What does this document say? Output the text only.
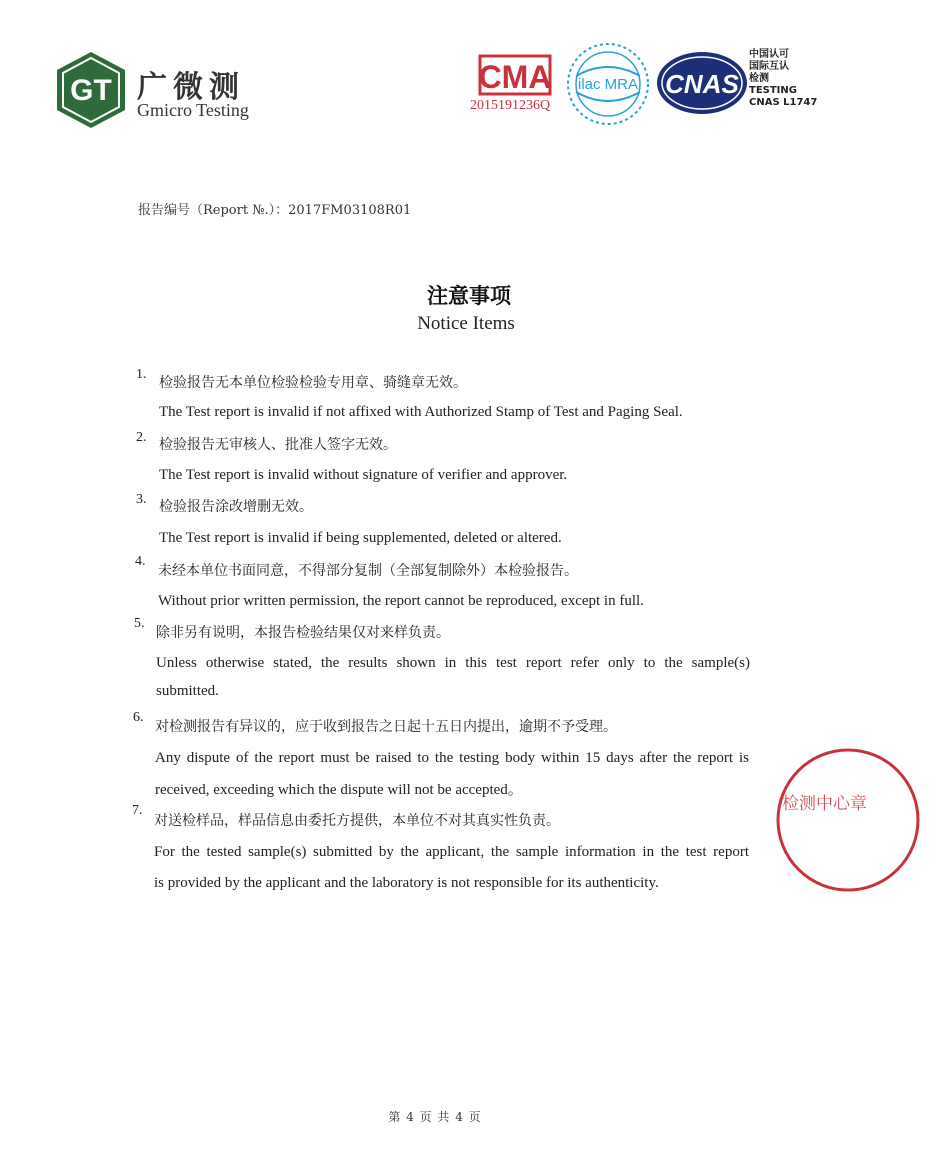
GT 广微测
Gmicro Testing
CMA
2015191236Q
ilac MRA CNAS
中国认可
国际互认
检测
TESTING
CNAS L1747
报告编号（Report №.）：2017FM03108R01
注意事项
Notice Items
1.
检验报告无本单位检验检验专用章、骑缝章无效。
The Test report is invalid if not affixed with Authorized Stamp of Test and Paging Seal.
2. 检验报告无审核人、批准人签字无效。
The Test report is invalid without signature of verifier and approver.
3. 检验报告涂改增删无效。
The Test report is invalid if being supplemented, deleted or altered.
4.
未经本单位书面同意，不得部分复制（全部复制除外）本检验报告。
Without prior written permission, the report cannot be reproduced, except in full.
5.
除非另有说明，本报告检验结果仅对来样负责。
Unless otherwise stated, the results shown in this test report refer only to the sample(s)
submitted.
6.
对检测报告有异议的，应于收到报告之日起十五日内提出，逾期不予受理。
Any dispute of the report must be raised to the testing body within 15 days after the report is
received, exceeding which the dispute will not be accepted。
7.
对送检样品，样品信息由委托方提供，本单位不对其真实性负责。
For the tested sample(s) submitted by the applicant, the sample information in the test report
is provided by the applicant and the laboratory is not responsible for its authenticity.
检测中心章
第 4 页 共 4 页
